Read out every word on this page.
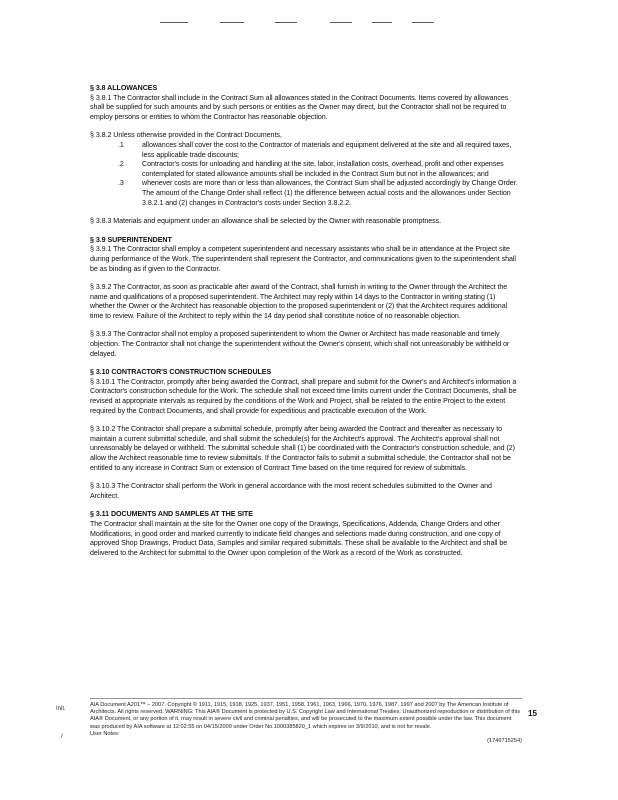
§ 3.8 ALLOWANCES

§ 3.8.1 The Contractor shall include in the Contract Sum all allowances stated in the Contract Documents. Items covered by allowances shall be supplied for such amounts and by such persons or entities as the Owner may direct, but the Contractor shall not be required to employ persons or entities to whom the Contractor has reasonable objection.

§ 3.8.2 Unless otherwise provided in the Contract Documents,

.1	allowances shall cover the cost to the Contractor of materials and equipment delivered at the site and all required taxes, less applicable trade discounts;
.2	Contractor's costs for unloading and handling at the site, labor, installation costs, overhead, profit and other expenses contemplated for stated allowance amounts shall be included in the Contract Sum but not in the allowances; and
.3	whenever costs are more than or less than allowances, the Contract Sum shall be adjusted accordingly by Change Order. The amount of the Change Order shall reflect (1) the difference between actual costs and the allowances under Section 3.8.2.1 and (2) changes in Contractor's costs under Section 3.8.2.2.

§ 3.8.3 Materials and equipment under an allowance shall be selected by the Owner with reasonable promptness.

§ 3.9 SUPERINTENDENT

§ 3.9.1 The Contractor shall employ a competent superintendent and necessary assistants who shall be in attendance at the Project site during performance of the Work. The superintendent shall represent the Contractor, and communications given to the superintendent shall be as binding as if given to the Contractor.

§ 3.9.2 The Contractor, as soon as practicable after award of the Contract, shall furnish in writing to the Owner through the Architect the name and qualifications of a proposed superintendent. The Architect may reply within 14 days to the Contractor in writing stating (1) whether the Owner or the Architect has reasonable objection to the proposed superintendent or (2) that the Architect requires additional time to review. Failure of the Architect to reply within the 14 day period shall constitute notice of no reasonable objection.

§ 3.9.3 The Contractor shall not employ a proposed superintendent to whom the Owner or Architect has made reasonable and timely objection. The Contractor shall not change the superintendent without the Owner's consent, which shall not unreasonably be withheld or delayed.

§ 3.10 CONTRACTOR'S CONSTRUCTION SCHEDULES

§ 3.10.1 The Contractor, promptly after being awarded the Contract, shall prepare and submit for the Owner's and Architect's information a Contractor's construction schedule for the Work. The schedule shall not exceed time limits current under the Contract Documents, shall be revised at appropriate intervals as required by the conditions of the Work and Project, shall be related to the entire Project to the extent required by the Contract Documents, and shall provide for expeditious and practicable execution of the Work.

§ 3.10.2 The Contractor shall prepare a submittal schedule, promptly after being awarded the Contract and thereafter as necessary to maintain a current submittal schedule, and shall submit the schedule(s) for the Architect's approval. The Architect's approval shall not unreasonably be delayed or withheld. The submittal schedule shall (1) be coordinated with the Contractor's construction schedule, and (2) allow the Architect reasonable time to review submittals. If the Contractor fails to submit a submittal schedule, the Contractor shall not be entitled to any increase in Contract Sum or extension of Contract Time based on the time required for review of submittals.

§ 3.10.3 The Contractor shall perform the Work in general accordance with the most recent schedules submitted to the Owner and Architect.

§ 3.11 DOCUMENTS AND SAMPLES AT THE SITE

The Contractor shall maintain at the site for the Owner one copy of the Drawings, Specifications, Addenda, Change Orders and other Modifications, in good order and marked currently to indicate field changes and selections made during construction, and one copy of approved Shop Drawings, Product Data, Samples and similar required submittals. These shall be available to the Architect and shall be delivered to the Architect for submittal to the Owner upon completion of the Work as a record of the Work as constructed.

Init.
/
15

AIA Document A201™ – 2007. Copyright © 1911, 1915, 1918, 1925, 1937, 1951, 1958, 1961, 1963, 1966, 1970, 1976, 1987, 1997 and 2007 by The American Institute of Architects. All rights reserved. WARNING: This AIA® Document is protected by U.S. Copyright Law and International Treaties. Unauthorized reproduction or distribution of this AIA® Document, or any portion of it, may result in severe civil and criminal penalties, and will be prosecuted to the maximum extent possible under the law. This document was produced by AIA software at 12:02:55 on 04/15/2009 under Order No.1000385820_1 which expires on 3/9/2010, and is not for resale.

User Notes:

(1749715254)
